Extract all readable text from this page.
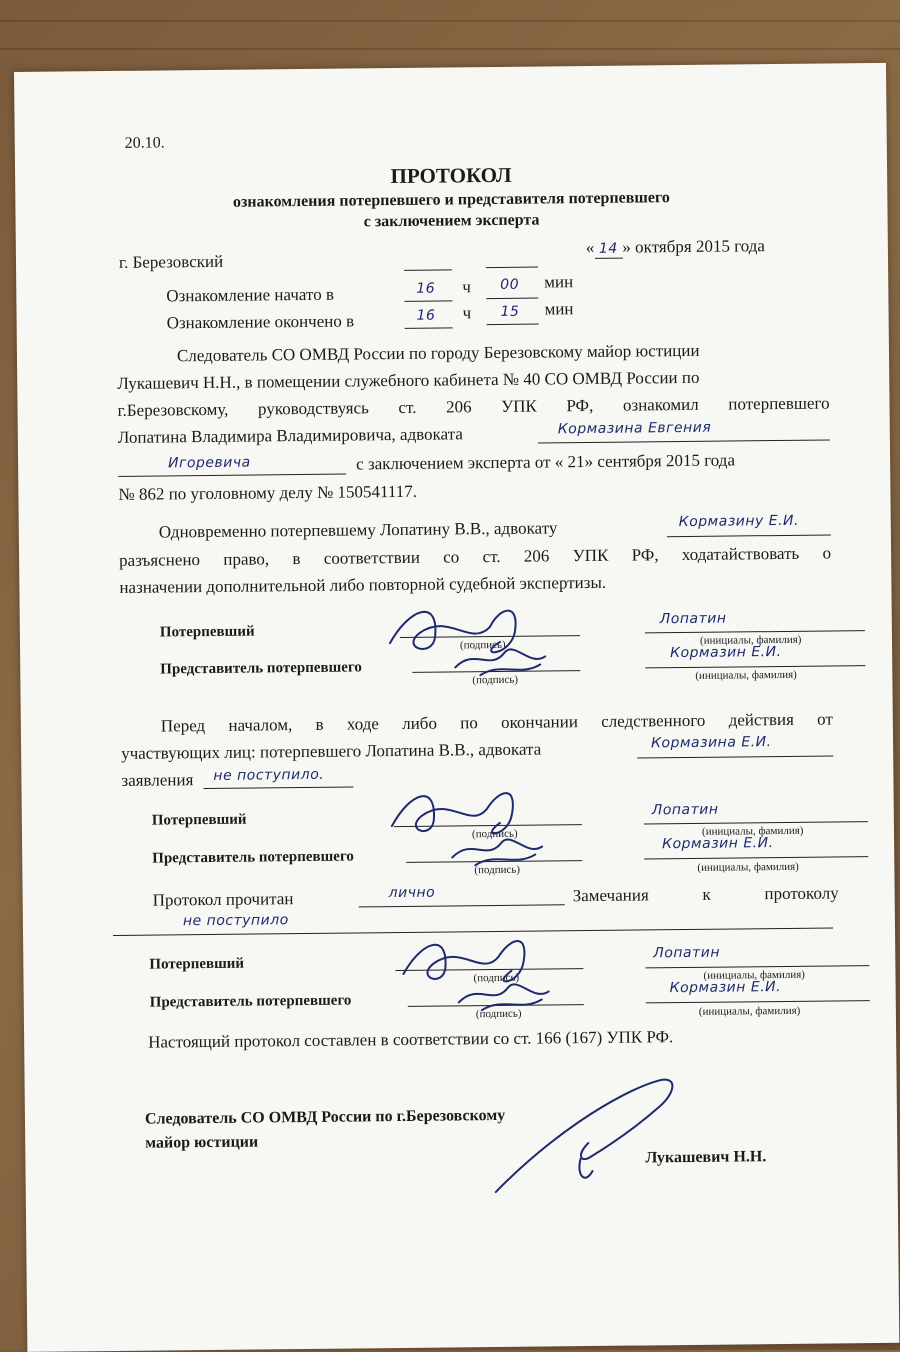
20.10.
ПРОТОКОЛ
ознакомления потерпевшего и представителя потерпевшего
с заключением эксперта
г. Березовский
« 14 » октября 2015 года
Ознакомление начато в	16 ч 00 мин
Ознакомление окончено в	16 ч 15 мин
Следователь СО ОМВД России по городу Березовскому майор юстиции
Лукашевич Н.Н., в помещении служебного кабинета № 40 СО ОМВД России по
г.Березовскому, руководствуясь ст. 206 УПК РФ, ознакомил потерпевшего
Лопатина Владимира Владимировича, адвоката	Кормазина Евгения
Игоревича	с заключением эксперта от « 21» сентября 2015 года
№ 862 по уголовному делу № 150541117.
Одновременно потерпевшему Лопатину В.В., адвокату	Кормазину Е.И.
разъяснено право, в соответствии со ст. 206 УПК РФ, ходатайствовать о
назначении дополнительной либо повторной судебной экспертизы.
Потерпевший
(подпись)
Лопатин
(инициалы, фамилия)
Представитель потерпевшего
(подпись)
Кормазин Е.И.
(инициалы, фамилия)
Перед началом, в ходе либо по окончании следственного действия от
участвующих лиц: потерпевшего Лопатина В.В., адвоката	Кормазина Е.И.
заявления не поступило.
Потерпевший
(подпись)
Лопатин
(инициалы, фамилия)
Представитель потерпевшего
(подпись)
Кормазин Е.И.
(инициалы, фамилия)
Протокол прочитан	лично	Замечания к протоколу
не поступило
Потерпевший
(подпись)
Лопатин
(инициалы, фамилия)
Представитель потерпевшего
(подпись)
Кормазин Е.И.
(инициалы, фамилия)
Настоящий протокол составлен в соответствии со ст. 166 (167) УПК РФ.
Следователь СО ОМВД России по г.Березовскому
майор юстиции
Лукашевич Н.Н.
